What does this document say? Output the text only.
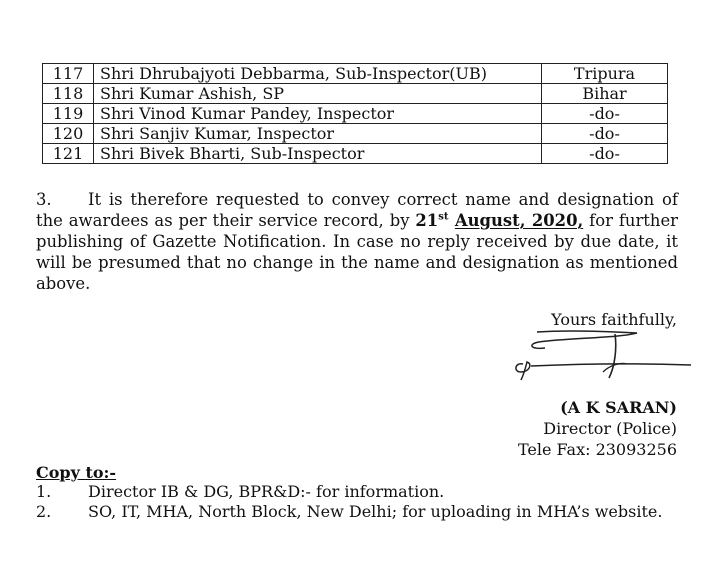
117	Shri Dhrubajyoti Debbarma, Sub-Inspector(UB)	Tripura
118	Shri Kumar Ashish, SP	Bihar
119	Shri Vinod Kumar Pandey, Inspector	-do-
120	Shri Sanjiv Kumar, Inspector	-do-
121	Shri Bivek Bharti, Sub-Inspector	-do-

3. It is therefore requested to convey correct name and designation of the awardees as per their service record, by 21st August, 2020, for further publishing of Gazette Notification. In case no reply received by due date, it will be presumed that no change in the name and designation as mentioned above.

Yours faithfully,
(A K SARAN)
Director (Police)
Tele Fax: 23093256
Copy to:-
1.	Director IB & DG, BPR&D:- for information.
2.	SO, IT, MHA, North Block, New Delhi; for uploading in MHA’s website.
